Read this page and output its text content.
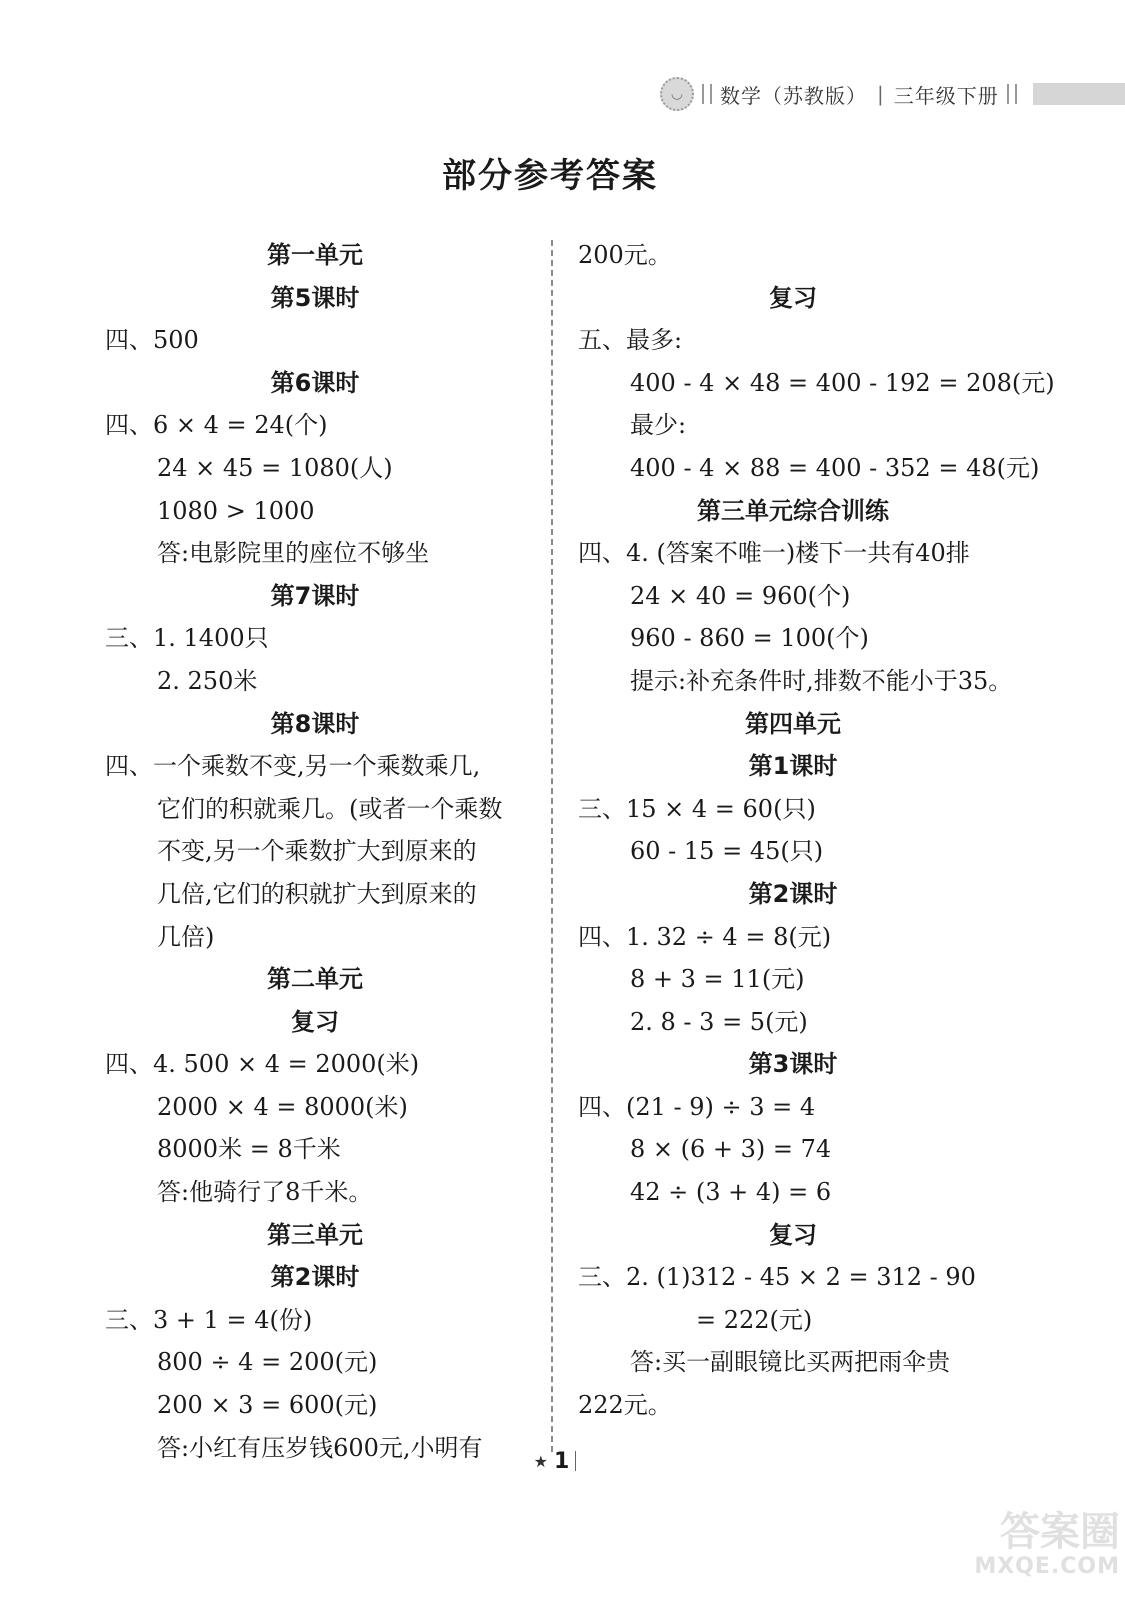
◡	数学（苏教版） | 三年级下册
部分参考答案
第一单元
第5课时
四、500
第6课时
四、6 × 4 = 24(个)
24 × 45 = 1080(人)
1080 > 1000
答:电影院里的座位不够坐
第7课时
三、1. 1400只
2. 250米
第8课时
四、一个乘数不变,另一个乘数乘几,
它们的积就乘几。(或者一个乘数
不变,另一个乘数扩大到原来的
几倍,它们的积就扩大到原来的
几倍)
第二单元
复习
四、4. 500 × 4 = 2000(米)
2000 × 4 = 8000(米)
8000米 = 8千米
答:他骑行了8千米。
第三单元
第2课时
三、3 + 1 = 4(份)
800 ÷ 4 = 200(元)
200 × 3 = 600(元)
答:小红有压岁钱600元,小明有
200元。
复习
五、最多:
400 - 4 × 48 = 400 - 192 = 208(元)
最少:
400 - 4 × 88 = 400 - 352 = 48(元)
第三单元综合训练
四、4. (答案不唯一)楼下一共有40排
24 × 40 = 960(个)
960 - 860 = 100(个)
提示:补充条件时,排数不能小于35。
第四单元
第1课时
三、15 × 4 = 60(只)
60 - 15 = 45(只)
第2课时
四、1. 32 ÷ 4 = 8(元)
8 + 3 = 11(元)
2. 8 - 3 = 5(元)
第3课时
四、(21 - 9) ÷ 3 = 4
8 × (6 + 3) = 74
42 ÷ (3 + 4) = 6
复习
三、2. (1)312 - 45 × 2 = 312 - 90
= 222(元)
答:买一副眼镜比买两把雨伞贵
222元。
★ 1
答案圈
MXQE.COM
